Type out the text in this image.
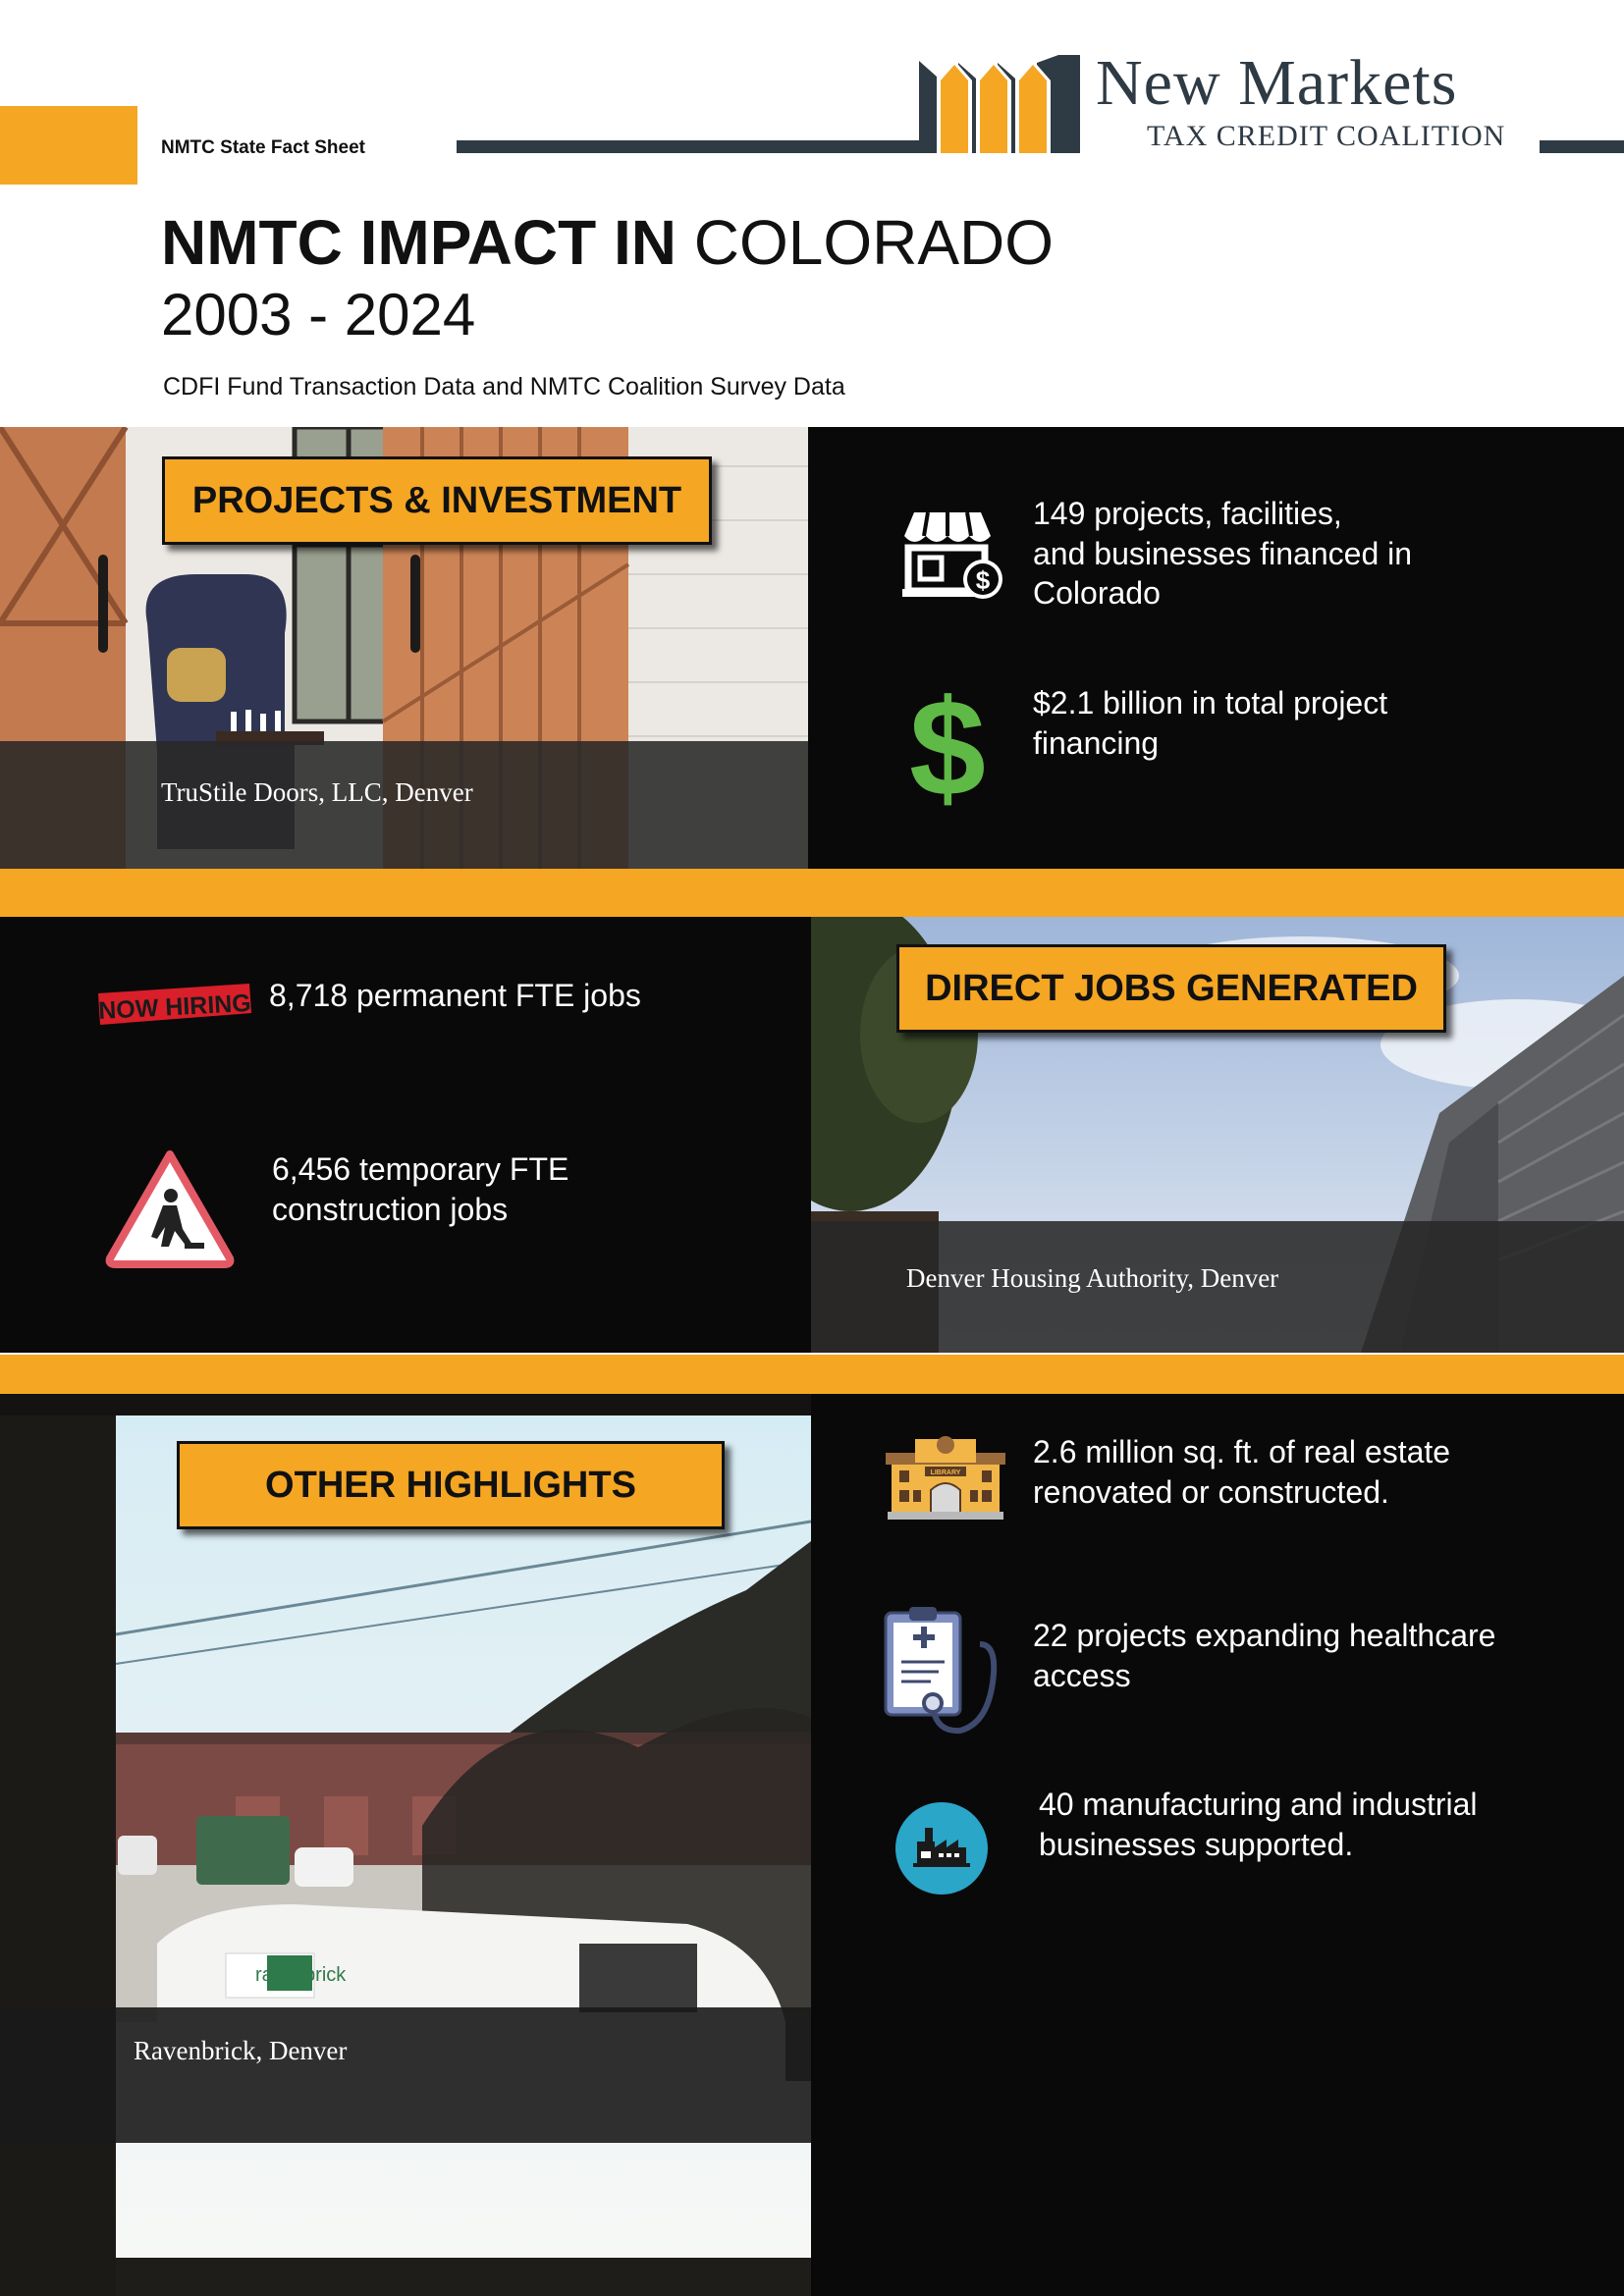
NMTC State Fact Sheet
New Markets
TAX CREDIT COALITION
NMTC IMPACT IN COLORADO
2003 - 2024
CDFI Fund Transaction Data and NMTC Coalition Survey Data
TruStile Doors, LLC, Denver
PROJECTS & INVESTMENT
$
149 projects, facilities,
and businesses financed in
Colorado
$ $2.1 billion in total project
financing
NOW HIRING 8,718 permanent FTE jobs
6,456 temporary FTE
construction jobs
Denver Housing Authority, Denver
DIRECT JOBS GENERATED
ravenbrick
Ravenbrick, Denver
OTHER HIGHLIGHTS	LIBRARY
2.6 million sq. ft. of real estate
renovated or constructed.
22 projects expanding healthcare
access
40 manufacturing and industrial
businesses supported.
